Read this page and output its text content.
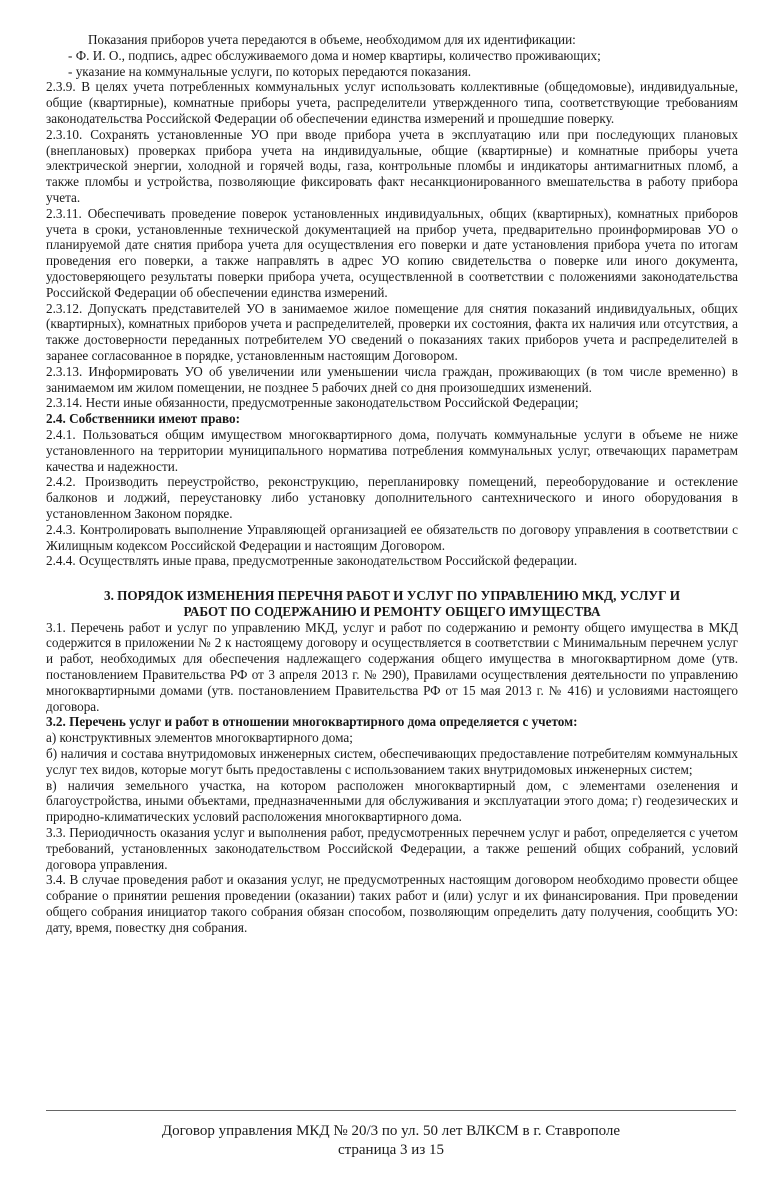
Показания приборов учета передаются в объеме, необходимом для их идентификации:

- Ф. И. О., подпись, адрес обслуживаемого дома и номер квартиры, количество проживающих;

- указание на коммунальные услуги, по которых передаются показания.

2.3.9. В целях учета потребленных коммунальных услуг использовать коллективные (общедомовые), индивидуальные, общие (квартирные), комнатные приборы учета, распределители утвержденного типа, соответствующие требованиям законодательства Российской Федерации об обеспечении единства измерений и прошедшие поверку.

2.3.10. Сохранять установленные УО при вводе прибора учета в эксплуатацию или при последующих плановых (внеплановых) проверках прибора учета на индивидуальные, общие (квартирные) и комнатные приборы учета электрической энергии, холодной и горячей воды, газа, контрольные пломбы и индикаторы антимагнитных пломб, а также пломбы и устройства, позволяющие фиксировать факт несанкционированного вмешательства в работу прибора учета.

2.3.11. Обеспечивать проведение поверок установленных индивидуальных, общих (квартирных), комнатных приборов учета в сроки, установленные технической документацией на прибор учета, предварительно проинформировав УО о планируемой дате снятия прибора учета для осуществления его поверки и дате установления прибора учета по итогам проведения его поверки, а также направлять в адрес УО копию свидетельства о поверке или иного документа, удостоверяющего результаты поверки прибора учета, осуществленной в соответствии с положениями законодательства Российской Федерации об обеспечении единства измерений.

2.3.12. Допускать представителей УО в занимаемое жилое помещение для снятия показаний индивидуальных, общих (квартирных), комнатных приборов учета и распределителей, проверки их состояния, факта их наличия или отсутствия, а также достоверности переданных потребителем УО сведений о показаниях таких приборов учета и распределителей в заранее согласованное в порядке, установленным настоящим Договором.

2.3.13. Информировать УО об увеличении или уменьшении числа граждан, проживающих (в том числе временно) в занимаемом им жилом помещении, не позднее 5 рабочих дней со дня произошедших изменений.

2.3.14. Нести иные обязанности, предусмотренные законодательством Российской Федерации;

2.4. Собственники имеют право:

2.4.1. Пользоваться общим имуществом многоквартирного дома, получать коммунальные услуги в объеме не ниже установленного на территории муниципального норматива потребления коммунальных услуг, отвечающих параметрам качества и надежности.

2.4.2. Производить переустройство, реконструкцию, перепланировку помещений, переоборудование и остекление балконов и лоджий, переустановку либо установку дополнительного сантехнического и иного оборудования в установленном Законом порядке.

2.4.3. Контролировать выполнение Управляющей организацией ее обязательств по договору управления в соответствии с Жилищным кодексом Российской Федерации и настоящим Договором.

2.4.4. Осуществлять иные права, предусмотренные законодательством Российской федерации.

3. ПОРЯДОК ИЗМЕНЕНИЯ ПЕРЕЧНЯ РАБОТ И УСЛУГ ПО УПРАВЛЕНИЮ МКД, УСЛУГ И
РАБОТ ПО СОДЕРЖАНИЮ И РЕМОНТУ ОБЩЕГО ИМУЩЕСТВА

3.1. Перечень работ и услуг по управлению МКД, услуг и работ по содержанию и ремонту общего имущества в МКД содержится в приложении № 2 к настоящему договору и осуществляется в соответствии с Минимальным перечнем услуг и работ, необходимых для обеспечения надлежащего содержания общего имущества в многоквартирном доме (утв. постановлением Правительства РФ от 3 апреля 2013 г. № 290), Правилами осуществления деятельности по управлению многоквартирными домами (утв. постановлением Правительства РФ от 15 мая 2013 г. № 416) и условиями настоящего договора.

3.2. Перечень услуг и работ в отношении многоквартирного дома определяется с учетом:

а) конструктивных элементов многоквартирного дома;

б) наличия и состава внутридомовых инженерных систем, обеспечивающих предоставление потребителям коммунальных услуг тех видов, которые могут быть предоставлены с использованием таких внутридомовых инженерных систем;

в) наличия земельного участка, на котором расположен многоквартирный дом, с элементами озеленения и благоустройства, иными объектами, предназначенными для обслуживания и эксплуатации этого дома; г) геодезических и природно-климатических условий расположения многоквартирного дома.

3.3. Периодичность оказания услуг и выполнения работ, предусмотренных перечнем услуг и работ, определяется с учетом требований, установленных законодательством Российской Федерации, а также решений общих собраний, условий договора управления.

3.4. В случае проведения работ и оказания услуг, не предусмотренных настоящим договором необходимо провести общее собрание о принятии решения проведении (оказании) таких работ и (или) услуг и их финансирования. При проведении общего собрания инициатор такого собрания обязан способом, позволяющим определить дату получения, сообщить УО: дату, время, повестку дня собрания.

Договор управления МКД № 20/3 по ул. 50 лет ВЛКСМ в г. Ставрополе
страница 3 из 15
